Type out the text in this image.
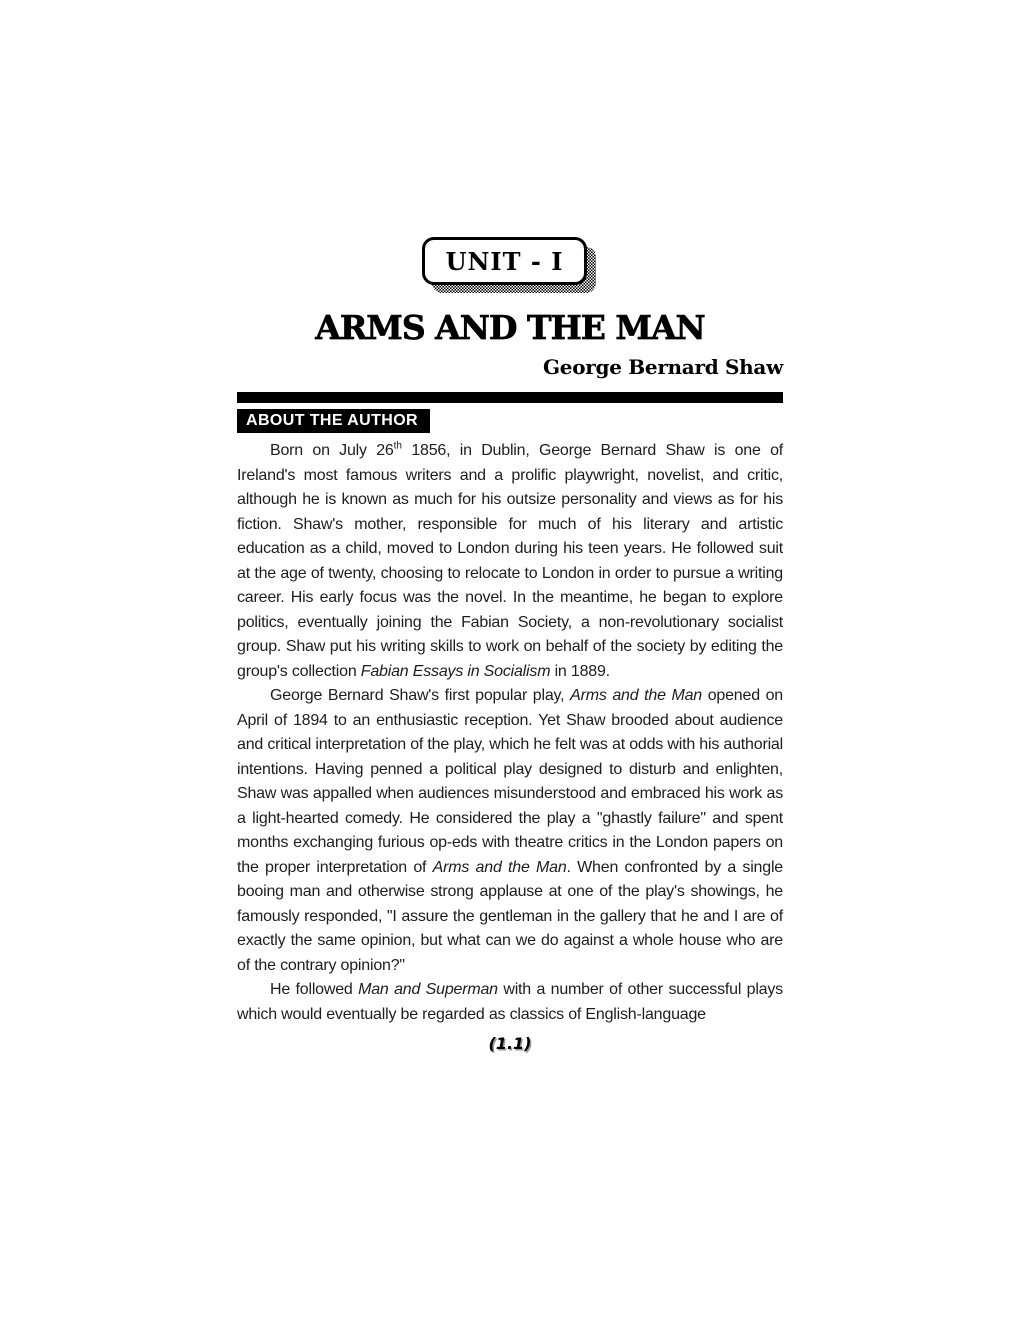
UNIT - I
ARMS AND THE MAN
George Bernard Shaw
ABOUT THE AUTHOR

Born on July 26th 1856, in Dublin, George Bernard Shaw is one of Ireland's most famous writers and a prolific playwright, novelist, and critic, although he is known as much for his outsize personality and views as for his fiction. Shaw's mother, responsible for much of his literary and artistic education as a child, moved to London during his teen years. He followed suit at the age of twenty, choosing to relocate to London in order to pursue a writing career. His early focus was the novel. In the meantime, he began to explore politics, eventually joining the Fabian Society, a non-revolutionary socialist group. Shaw put his writing skills to work on behalf of the society by editing the group's collection Fabian Essays in Socialism in 1889.

George Bernard Shaw's first popular play, Arms and the Man opened on April of 1894 to an enthusiastic reception. Yet Shaw brooded about audience and critical interpretation of the play, which he felt was at odds with his authorial intentions. Having penned a political play designed to disturb and enlighten, Shaw was appalled when audiences misunderstood and embraced his work as a light-hearted comedy. He considered the play a "ghastly failure" and spent months exchanging furious op-eds with theatre critics in the London papers on the proper interpretation of Arms and the Man. When confronted by a single booing man and otherwise strong applause at one of the play's showings, he famously responded, "I assure the gentleman in the gallery that he and I are of exactly the same opinion, but what can we do against a whole house who are of the contrary opinion?"

He followed Man and Superman with a number of other successful plays which would eventually be regarded as classics of English-language

(1.1)
